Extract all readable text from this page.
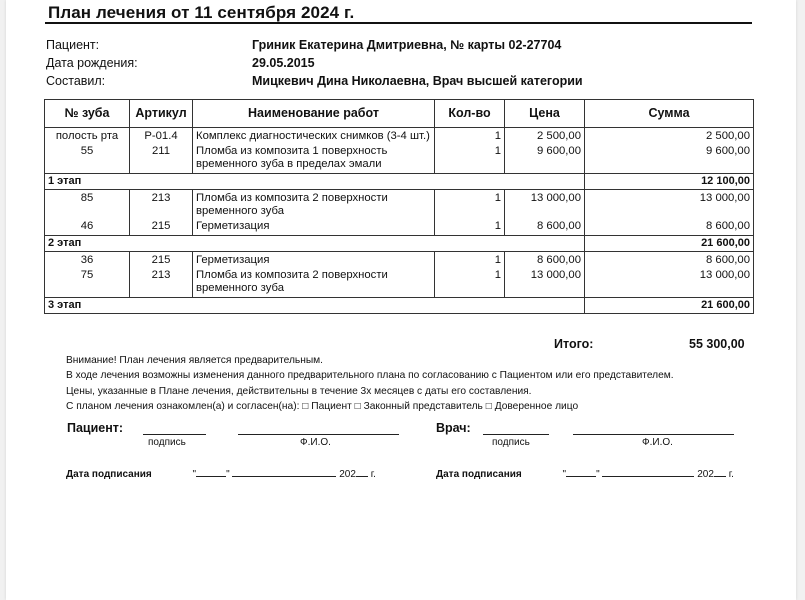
План лечения от 11 сентября 2024 г.
Пациент:	Гриник Екатерина Дмитриевна, № карты 02-27704
Дата рождения:	29.05.2015
Составил:	Мицкевич Дина Николаевна, Врач высшей категории
№ зуба	Артикул	Наименование работ	Кол-во	Цена	Сумма
полость рта	Р-01.4	Комплекс диагностических снимков (3-4 шт.)	1	2 500,00	2 500,00
55	211	Пломба из композита 1 поверхность временного зуба в пределах эмали	1	9 600,00	9 600,00
1 этап					12 100,00
85	213	Пломба из композита 2 поверхности временного зуба	1	13 000,00	13 000,00
46	215	Герметизация	1	8 600,00	8 600,00
2 этап					21 600,00
36	215	Герметизация	1	8 600,00	8 600,00
75	213	Пломба из композита 2 поверхности временного зуба	1	13 000,00	13 000,00
3 этап					21 600,00
Итого:	55 300,00
Внимание! План лечения является предварительным.
В ходе лечения возможны изменения данного предварительного плана по согласованию с Пациентом или его представителем.
Цены, указанные в Плане лечения, действительны в течение 3х месяцев с даты его составления.
С планом лечения ознакомлен(а) и согласен(на): □ Пациент □ Законный представитель □ Доверенное лицо
Пациент:
подпись	Ф.И.О.
Врач:
подпись	Ф.И.О.
Дата подписания	"	"	202 г.	Дата подписания	"	"	202 г.
